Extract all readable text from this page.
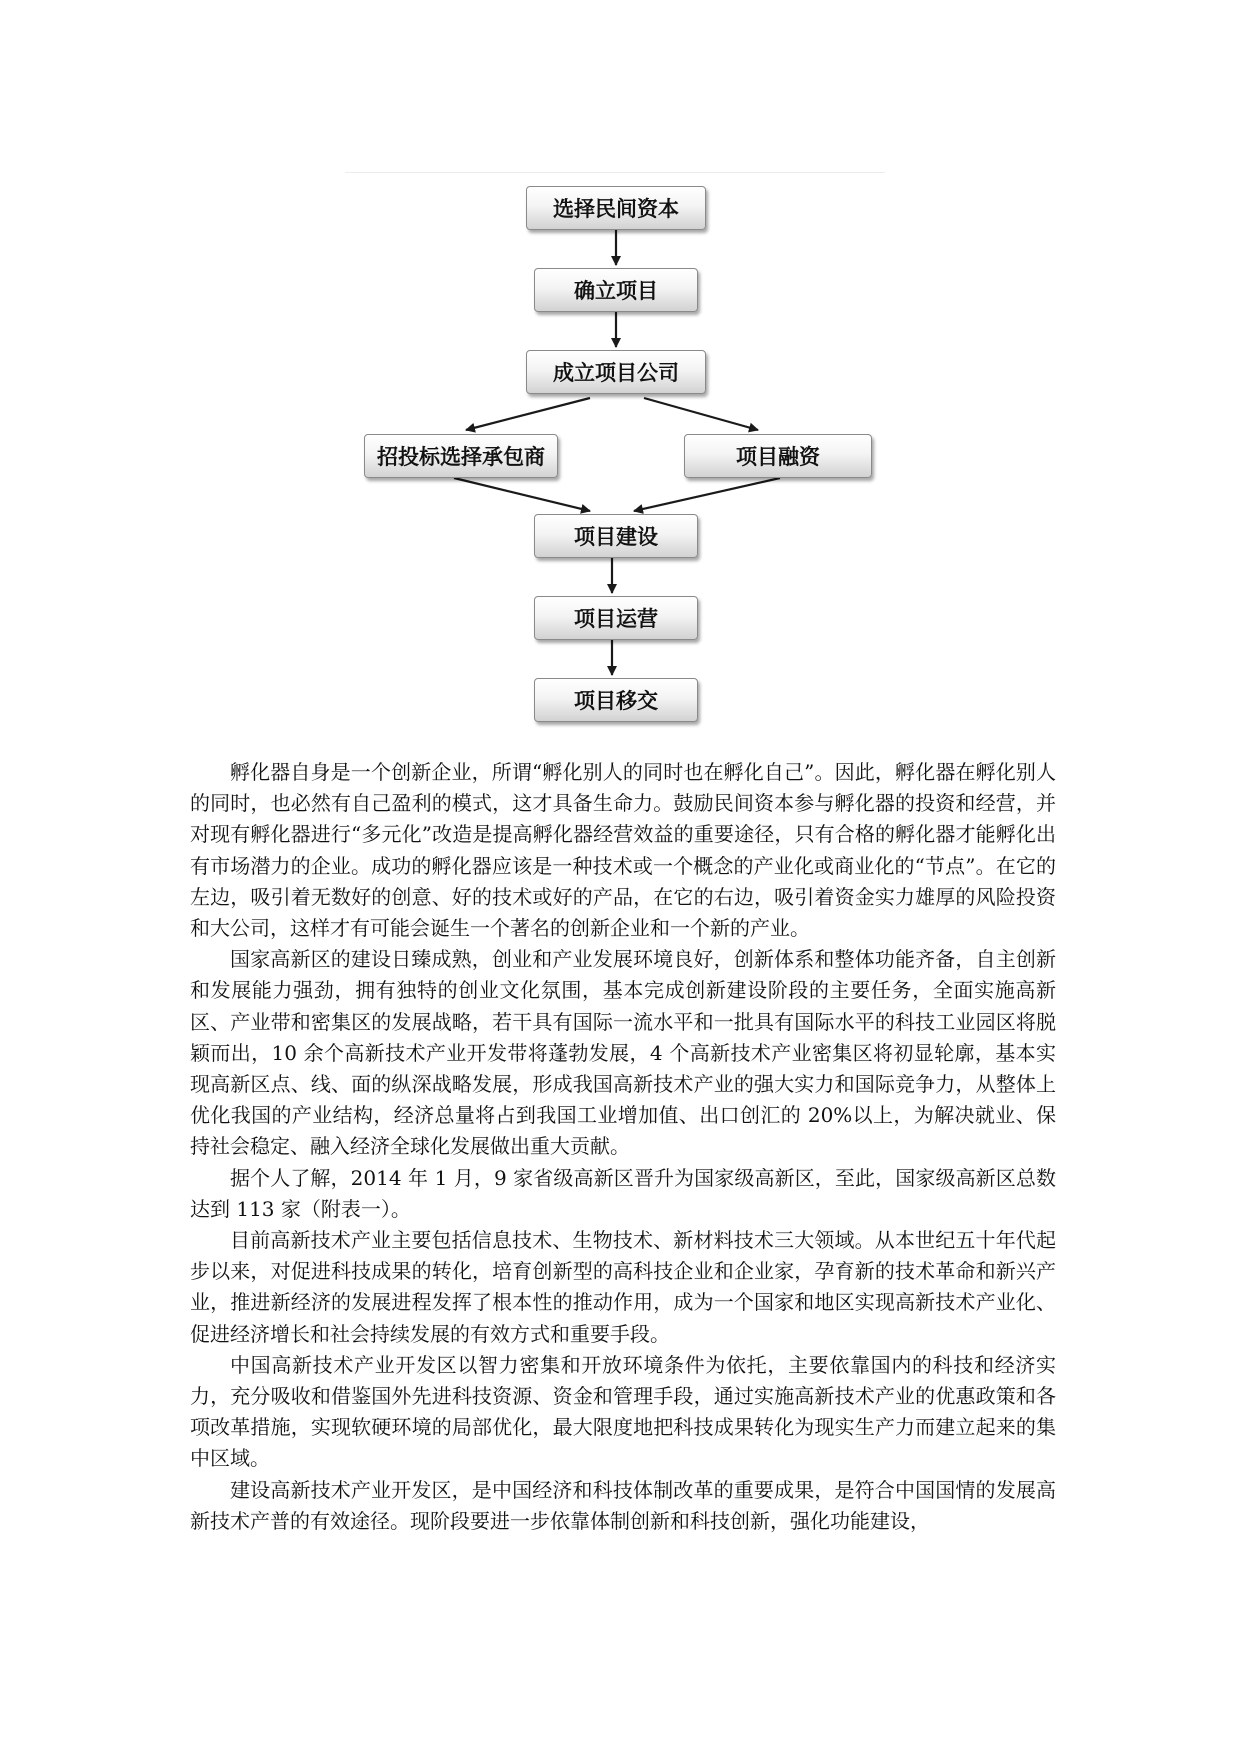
选择民间资本
确立项目
成立项目公司
招投标选择承包商	项目融资
项目建设
项目运营
项目移交

孵化器自身是一个创新企业，所谓“孵化别人的同时也在孵化自己”。因此，孵化器在孵化别人的同时，也必然有自己盈利的模式，这才具备生命力。鼓励民间资本参与孵化器的投资和经营，并对现有孵化器进行“多元化”改造是提高孵化器经营效益的重要途径，只有合格的孵化器才能孵化出有市场潜力的企业。成功的孵化器应该是一种技术或一个概念的产业化或商业化的“节点”。在它的左边，吸引着无数好的创意、好的技术或好的产品，在它的右边，吸引着资金实力雄厚的风险投资和大公司，这样才有可能会诞生一个著名的创新企业和一个新的产业。

国家高新区的建设日臻成熟，创业和产业发展环境良好，创新体系和整体功能齐备，自主创新和发展能力强劲，拥有独特的创业文化氛围，基本完成创新建设阶段的主要任务，全面实施高新区、产业带和密集区的发展战略，若干具有国际一流水平和一批具有国际水平的科技工业园区将脱颖而出，10 余个高新技术产业开发带将蓬勃发展，4 个高新技术产业密集区将初显轮廓，基本实现高新区点、线、面的纵深战略发展，形成我国高新技术产业的强大实力和国际竞争力，从整体上优化我国的产业结构，经济总量将占到我国工业增加值、出口创汇的 20%以上，为解决就业、保持社会稳定、融入经济全球化发展做出重大贡献。

据个人了解，2014 年 1 月，9 家省级高新区晋升为国家级高新区，至此，国家级高新区总数达到 113 家（附表一）。

目前高新技术产业主要包括信息技术、生物技术、新材料技术三大领域。从本世纪五十年代起步以来，对促进科技成果的转化，培育创新型的高科技企业和企业家，孕育新的技术革命和新兴产业，推进新经济的发展进程发挥了根本性的推动作用，成为一个国家和地区实现高新技术产业化、促进经济增长和社会持续发展的有效方式和重要手段。

中国高新技术产业开发区以智力密集和开放环境条件为依托，主要依靠国内的科技和经济实力，充分吸收和借鉴国外先进科技资源、资金和管理手段，通过实施高新技术产业的优惠政策和各项改革措施，实现软硬环境的局部优化，最大限度地把科技成果转化为现实生产力而建立起来的集中区域。

建设高新技术产业开发区，是中国经济和科技体制改革的重要成果，是符合中国国情的发展高新技术产普的有效途径。现阶段要进一步依靠体制创新和科技创新，强化功能建设，
